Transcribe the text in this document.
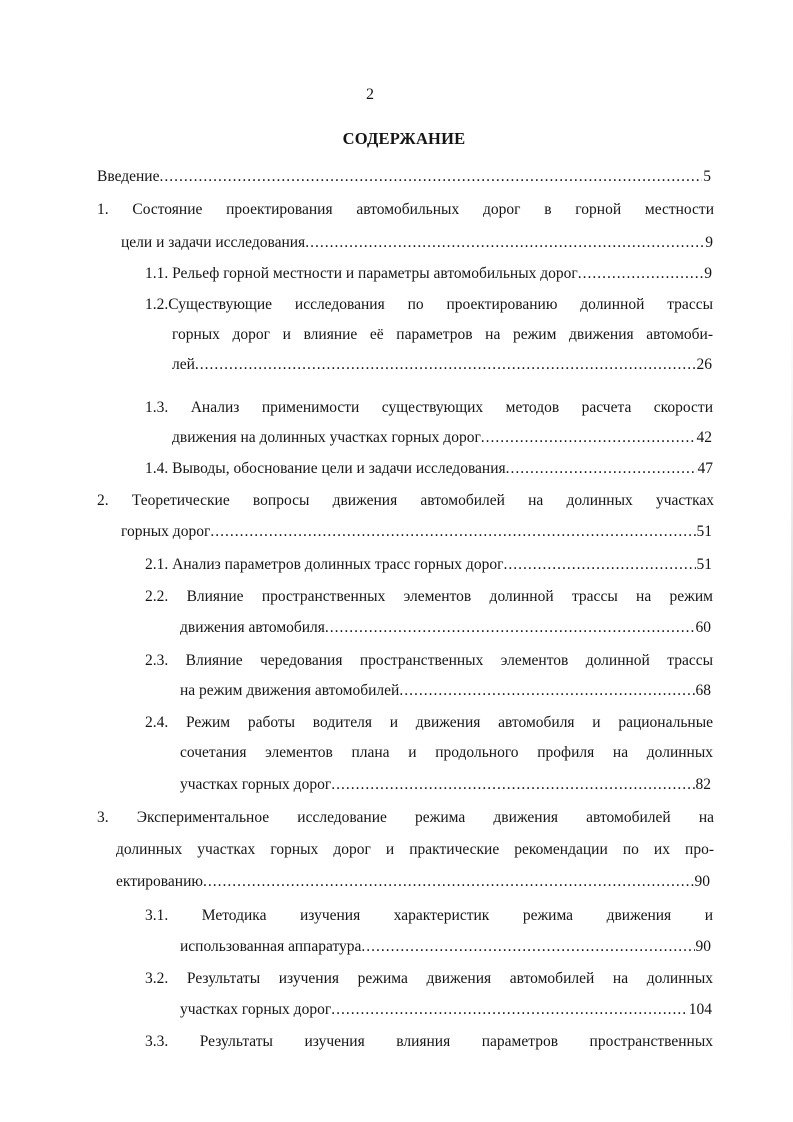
2
СОДЕРЖАНИЕ
Введение .....	5
1. Состояние проектирования автомобильных дорог в горной местности
цели и задачи исследования .....	9
1.1. Рельеф горной местности и параметры автомобильных дорог .....	9
1.2.Существующие исследования по проектированию долинной трассы
горных дорог и влияние её параметров на режим движения автомоби-
лей .....	26
1.3. Анализ применимости существующих методов расчета скорости
движения на долинных участках горных дорог .....	42
1.4. Выводы, обоснование цели и задачи исследования .....	47
2. Теоретические вопросы движения автомобилей на долинных участках
горных дорог .....	51
2.1. Анализ параметров долинных трасс горных дорог .....	51
2.2. Влияние пространственных элементов долинной трассы на режим
движения автомобиля .....	60
2.3. Влияние чередования пространственных элементов долинной трассы
на режим движения автомобилей .....	68
2.4. Режим работы водителя и движения автомобиля и рациональные
сочетания элементов плана и продольного профиля на долинных
участках горных дорог .....	82
3. Экспериментальное исследование режима движения автомобилей на
долинных участках горных дорог и практические рекомендации по их про-
ектированию .....	90
3.1. Методика изучения характеристик режима движения и
использованная аппаратура .....	90
3.2. Результаты изучения режима движения автомобилей на долинных
участках горных дорог .....	104
3.3. Результаты изучения влияния параметров пространственных
